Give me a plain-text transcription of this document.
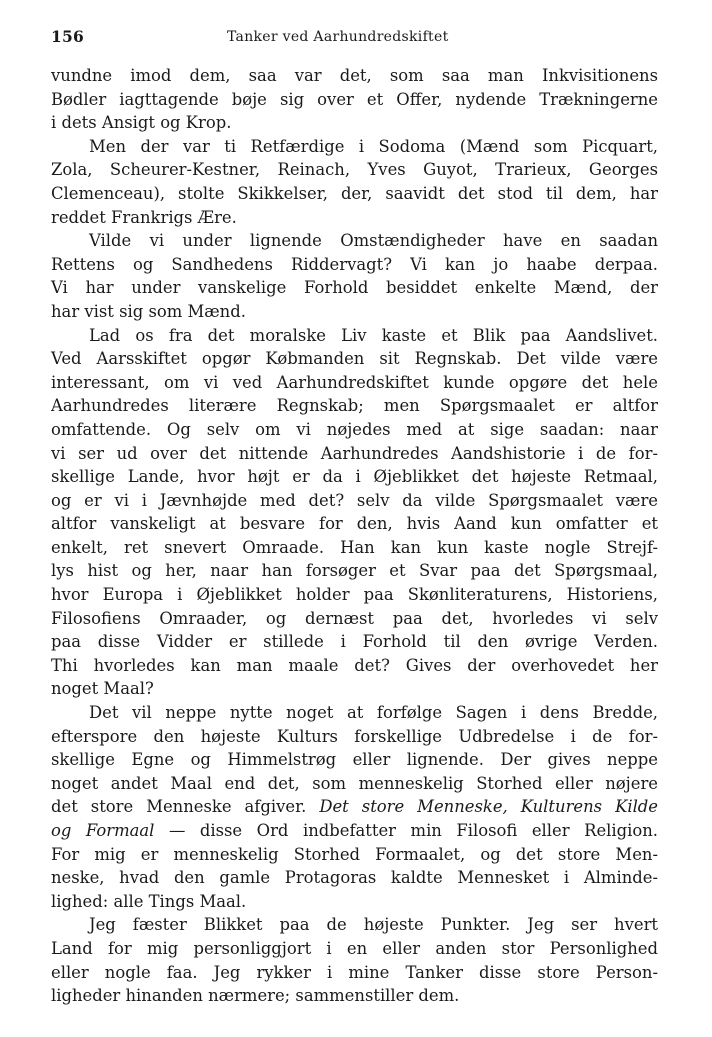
156	Tanker ved Aarhundredskiftet
vundne imod dem, saa var det, som saa man Inkvisitionens
Bødler iagttagende bøje sig over et Offer, nydende Trækningerne
i dets Ansigt og Krop.
Men der var ti Retfærdige i Sodoma (Mænd som Picquart,
Zola, Scheurer-Kestner, Reinach, Yves Guyot, Trarieux, Georges
Clemenceau), stolte Skikkelser, der, saavidt det stod til dem, har
reddet Frankrigs Ære.
Vilde vi under lignende Omstændigheder have en saadan
Rettens og Sandhedens Riddervagt? Vi kan jo haabe derpaa.
Vi har under vanskelige Forhold besiddet enkelte Mænd, der
har vist sig som Mænd.
Lad os fra det moralske Liv kaste et Blik paa Aandslivet.
Ved Aarsskiftet opgør Købmanden sit Regnskab. Det vilde være
interessant, om vi ved Aarhundredskiftet kunde opgøre det hele
Aarhundredes literære Regnskab; men Spørgsmaalet er altfor
omfattende. Og selv om vi nøjedes med at sige saadan: naar
vi ser ud over det nittende Aarhundredes Aandshistorie i de for-
skellige Lande, hvor højt er da i Øjeblikket det højeste Retmaal,
og er vi i Jævnhøjde med det? selv da vilde Spørgsmaalet være
altfor vanskeligt at besvare for den, hvis Aand kun omfatter et
enkelt, ret snevert Omraade. Han kan kun kaste nogle Strejf-
lys hist og her, naar han forsøger et Svar paa det Spørgsmaal,
hvor Europa i Øjeblikket holder paa Skønliteraturens, Historiens,
Filosofiens Omraader, og dernæst paa det, hvorledes vi selv
paa disse Vidder er stillede i Forhold til den øvrige Verden.
Thi hvorledes kan man maale det? Gives der overhovedet her
noget Maal?
Det vil neppe nytte noget at forfølge Sagen i dens Bredde,
efterspore den højeste Kulturs forskellige Udbredelse i de for-
skellige Egne og Himmelstrøg eller lignende. Der gives neppe
noget andet Maal end det, som menneskelig Storhed eller nøjere
det store Menneske afgiver. Det store Menneske, Kulturens Kilde
og Formaal — disse Ord indbefatter min Filosofi eller Religion.
For mig er menneskelig Storhed Formaalet, og det store Men-
neske, hvad den gamle Protagoras kaldte Mennesket i Alminde-
lighed: alle Tings Maal.
Jeg fæster Blikket paa de højeste Punkter. Jeg ser hvert
Land for mig personliggjort i en eller anden stor Personlighed
eller nogle faa. Jeg rykker i mine Tanker disse store Person-
ligheder hinanden nærmere; sammenstiller dem.
